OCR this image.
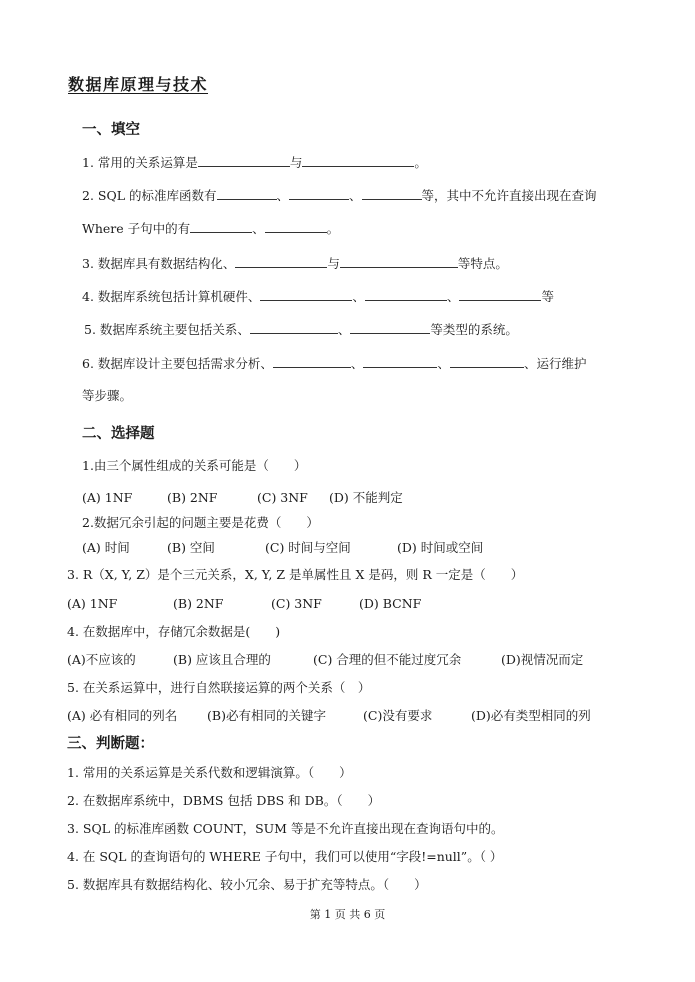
数据库原理与技术
一、填空
1. 常用的关系运算是	与	。
2. SQL 的标准库函数有	、	、	等，其中不允许直接出现在查询
Where 子句中的有	、	。
3. 数据库具有数据结构化、	与	等特点。
4. 数据库系统包括计算机硬件、	、	、	等
5. 数据库系统主要包括关系、	、	等类型的系统。
6. 数据库设计主要包括需求分析、	、	、	、运行维护
等步骤。
二、选择题
1.由三个属性组成的关系可能是（　　）
(A) 1NF	(B) 2NF	(C) 3NF (D) 不能判定
2.数据冗余引起的问题主要是花费（　　）
(A) 时间	(B) 空间	(C) 时间与空间	(D) 时间或空间
3. R（X, Y, Z）是个三元关系，X, Y, Z 是单属性且 X 是码，则 R 一定是（　　）
(A) 1NF	(B) 2NF	(C) 3NF	(D) BCNF
4. 在数据库中，存储冗余数据是(　　)
(A)不应该的	(B) 应该且合理的	(C) 合理的但不能过度冗余	(D)视情况而定
5. 在关系运算中，进行自然联接运算的两个关系（　）
(A) 必有相同的列名 (B)必有相同的关键字	(C)没有要求	(D)必有类型相同的列
三、判断题：
1. 常用的关系运算是关系代数和逻辑演算。（　　）
2. 在数据库系统中，DBMS 包括 DBS 和 DB。（　　）
3. SQL 的标准库函数 COUNT，SUM 等是不允许直接出现在查询语句中的。
4. 在 SQL 的查询语句的 WHERE 子句中，我们可以使用“字段!=null”。（ ）
5. 数据库具有数据结构化、较小冗余、易于扩充等特点。（　　）
第 1 页 共 6 页
